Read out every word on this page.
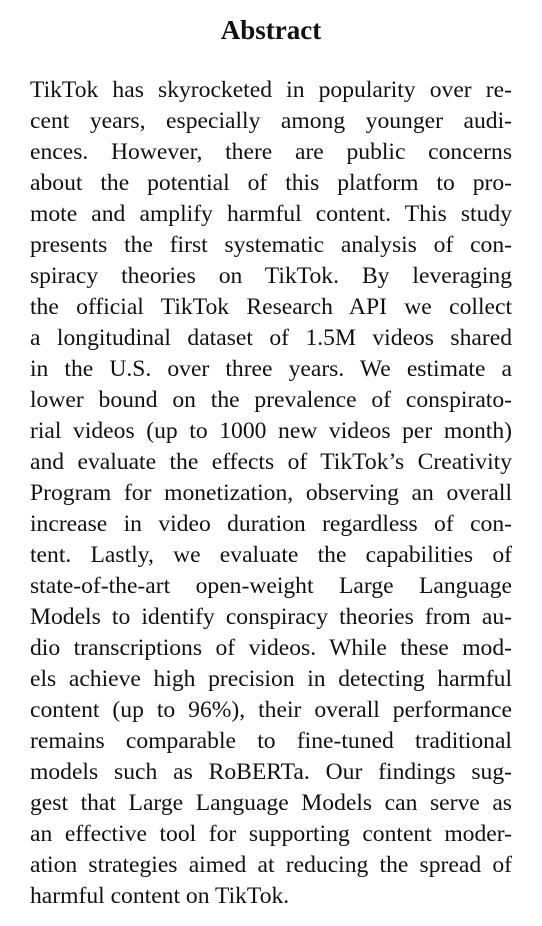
Abstract
TikTok has skyrocketed in popularity over re-
cent years, especially among younger audi-
ences. However, there are public concerns
about the potential of this platform to pro-
mote and amplify harmful content. This study
presents the first systematic analysis of con-
spiracy theories on TikTok. By leveraging
the official TikTok Research API we collect
a longitudinal dataset of 1.5M videos shared
in the U.S. over three years. We estimate a
lower bound on the prevalence of conspirato-
rial videos (up to 1000 new videos per month)
and evaluate the effects of TikTok’s Creativity
Program for monetization, observing an overall
increase in video duration regardless of con-
tent. Lastly, we evaluate the capabilities of
state-of-the-art open-weight Large Language
Models to identify conspiracy theories from au-
dio transcriptions of videos. While these mod-
els achieve high precision in detecting harmful
content (up to 96%), their overall performance
remains comparable to fine-tuned traditional
models such as RoBERTa. Our findings sug-
gest that Large Language Models can serve as
an effective tool for supporting content moder-
ation strategies aimed at reducing the spread of
harmful content on TikTok.
